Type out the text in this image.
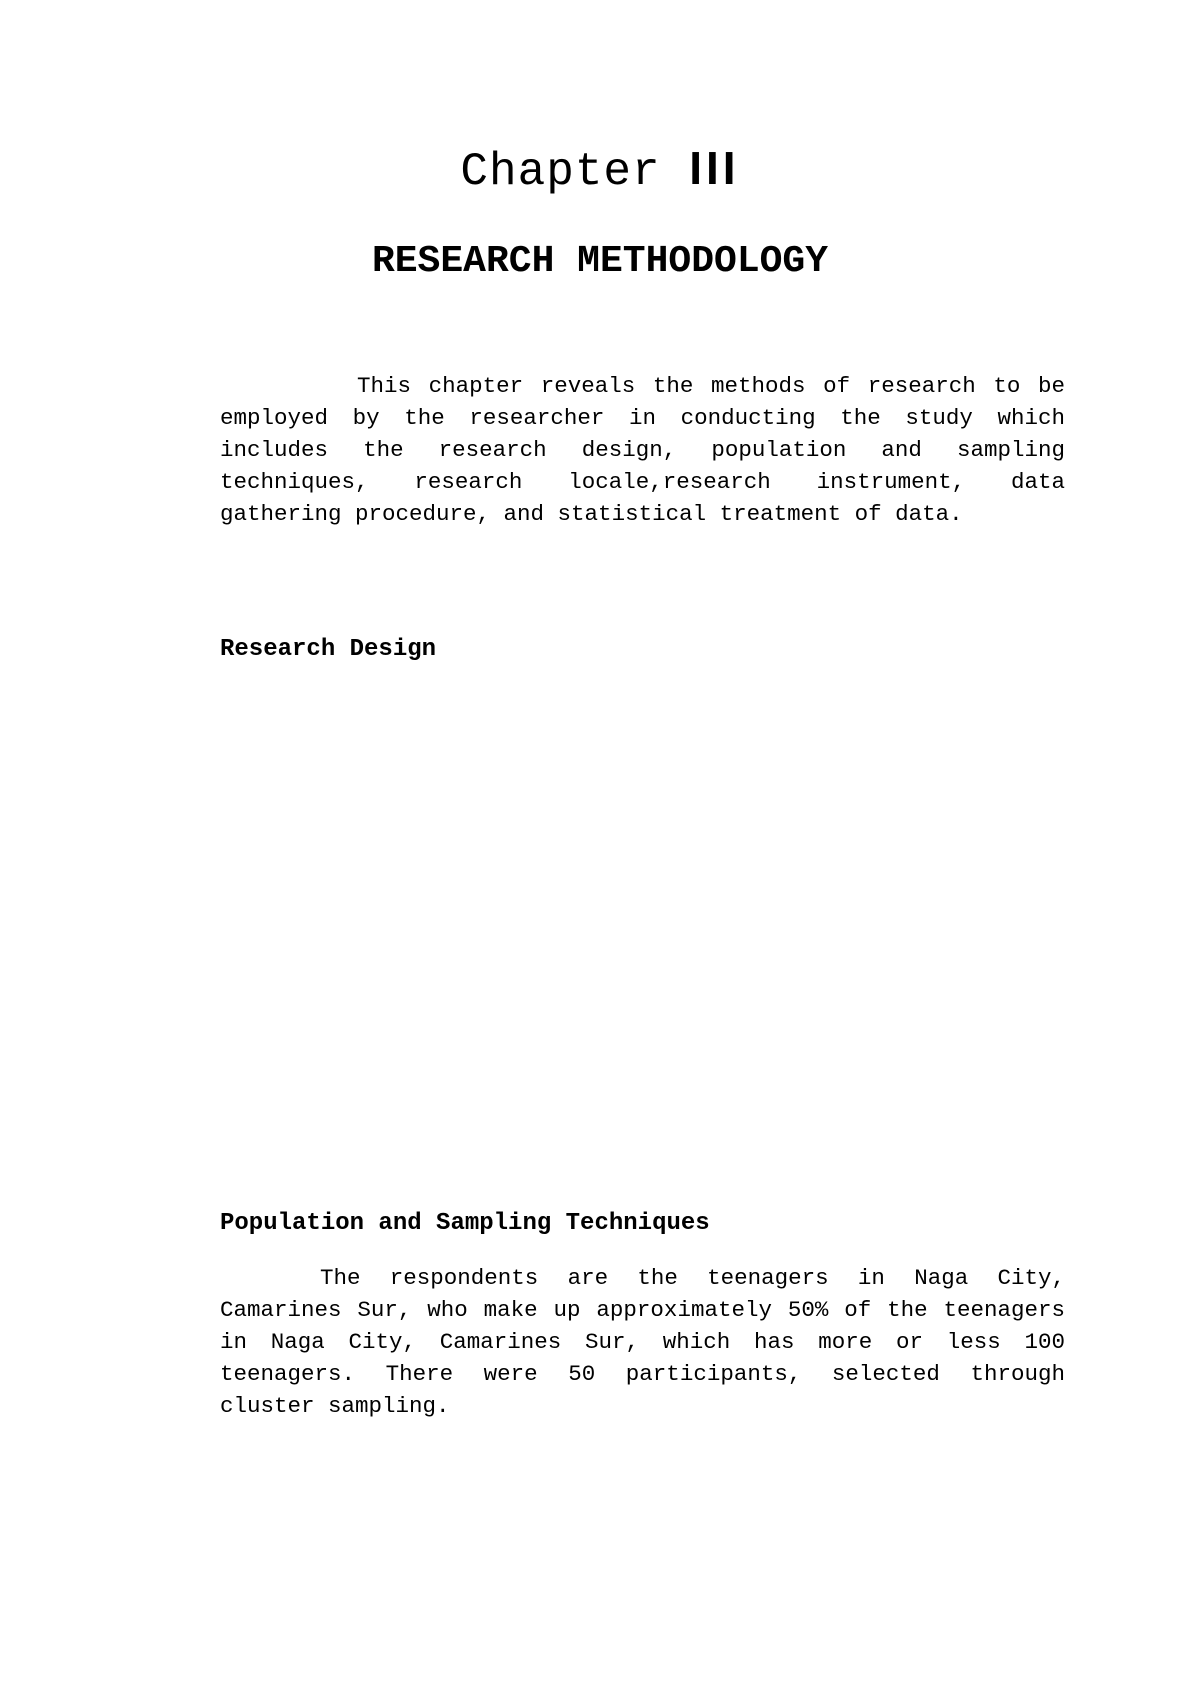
Chapter III
RESEARCH METHODOLOGY

This chapter reveals the methods of research to be employed by the researcher in conducting the study which includes the research design, population and sampling techniques, research locale,research instrument, data gathering procedure, and statistical treatment of data.

Research Design
Population and Sampling Techniques

The respondents are the teenagers in Naga City, Camarines Sur, who make up approximately 50% of the teenagers in Naga City, Camarines Sur, which has more or less 100 teenagers. There were 50 participants, selected through cluster sampling.
